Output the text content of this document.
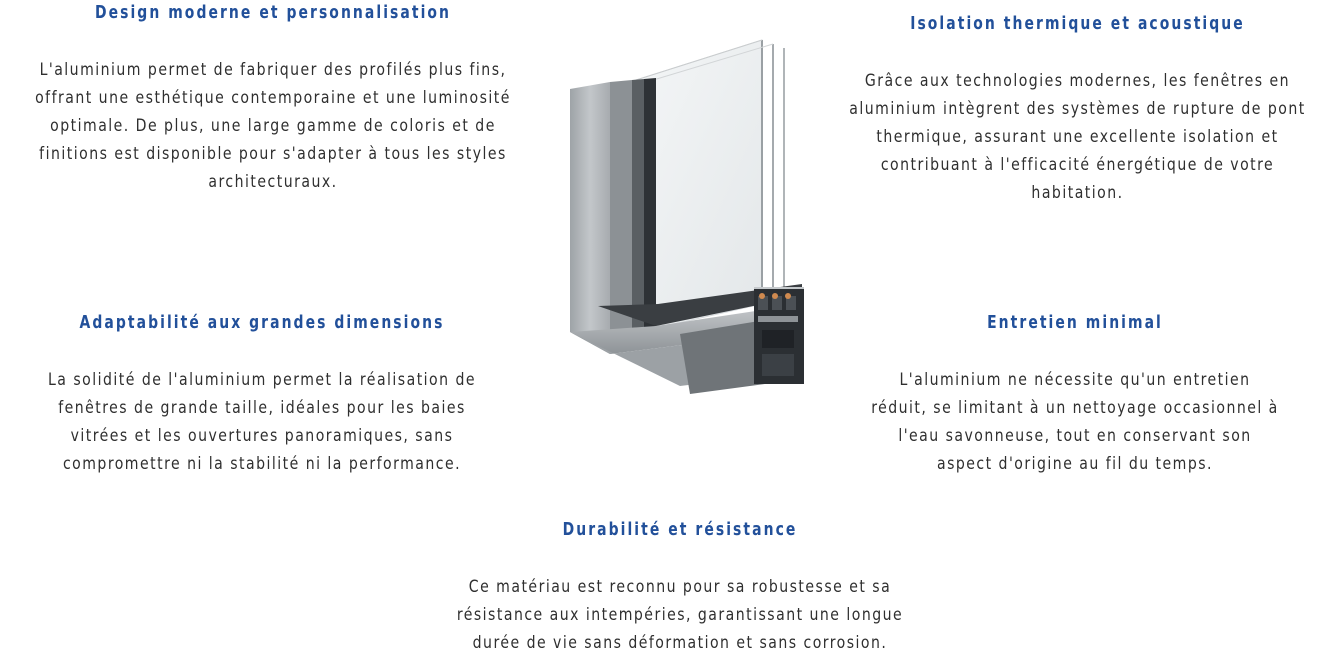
Design moderne et personnalisation

L'aluminium permet de fabriquer des profilés plus fins, offrant une esthétique contemporaine et une luminosité optimale. De plus, une large gamme de coloris et de finitions est disponible pour s'adapter à tous les styles architecturaux.

Isolation thermique et acoustique

Grâce aux technologies modernes, les fenêtres en aluminium intègrent des systèmes de rupture de pont thermique, assurant une excellente isolation et contribuant à l'efficacité énergétique de votre habitation.

Adaptabilité aux grandes dimensions

La solidité de l'aluminium permet la réalisation de fenêtres de grande taille, idéales pour les baies vitrées et les ouvertures panoramiques, sans compromettre ni la stabilité ni la performance.

Entretien minimal

L'aluminium ne nécessite qu'un entretien réduit, se limitant à un nettoyage occasionnel à l'eau savonneuse, tout en conservant son aspect d'origine au fil du temps.

Durabilité et résistance

Ce matériau est reconnu pour sa robustesse et sa résistance aux intempéries, garantissant une longue durée de vie sans déformation et sans corrosion.
